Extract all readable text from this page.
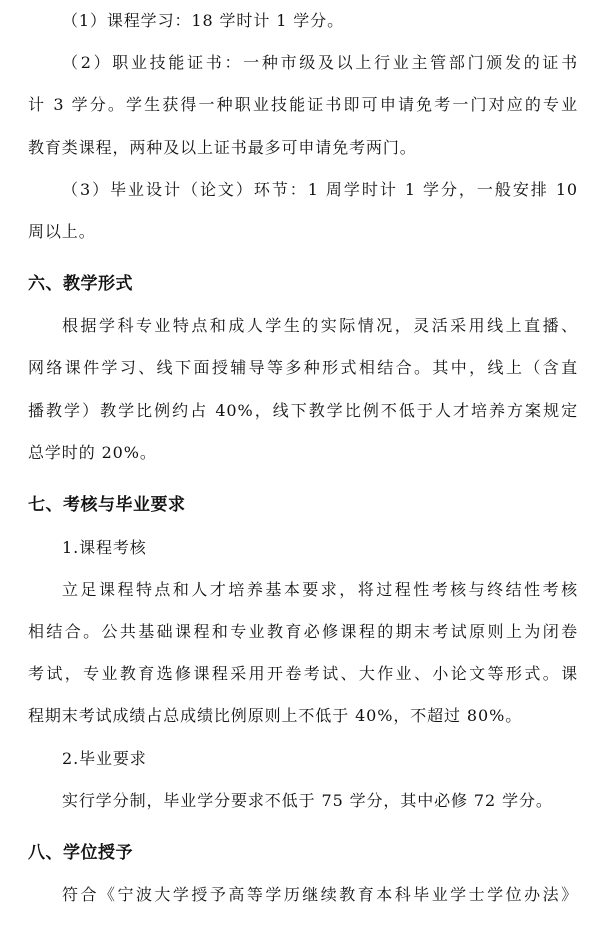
（1）课程学习：18 学时计 1 学分。
（2）职业技能证书：一种市级及以上行业主管部门颁发的证书
计 3 学分。学生获得一种职业技能证书即可申请免考一门对应的专业
教育类课程，两种及以上证书最多可申请免考两门。
（3）毕业设计（论文）环节：1 周学时计 1 学分，一般安排 10
周以上。
六、教学形式
根据学科专业特点和成人学生的实际情况，灵活采用线上直播、
网络课件学习、线下面授辅导等多种形式相结合。其中，线上（含直
播教学）教学比例约占 40%，线下教学比例不低于人才培养方案规定
总学时的 20%。
七、考核与毕业要求
1.课程考核
立足课程特点和人才培养基本要求，将过程性考核与终结性考核
相结合。公共基础课程和专业教育必修课程的期末考试原则上为闭卷
考试，专业教育选修课程采用开卷考试、大作业、小论文等形式。课
程期末考试成绩占总成绩比例原则上不低于 40%，不超过 80%。
2.毕业要求
实行学分制，毕业学分要求不低于 75 学分，其中必修 72 学分。
八、学位授予
符合《宁波大学授予高等学历继续教育本科毕业学士学位办法》
